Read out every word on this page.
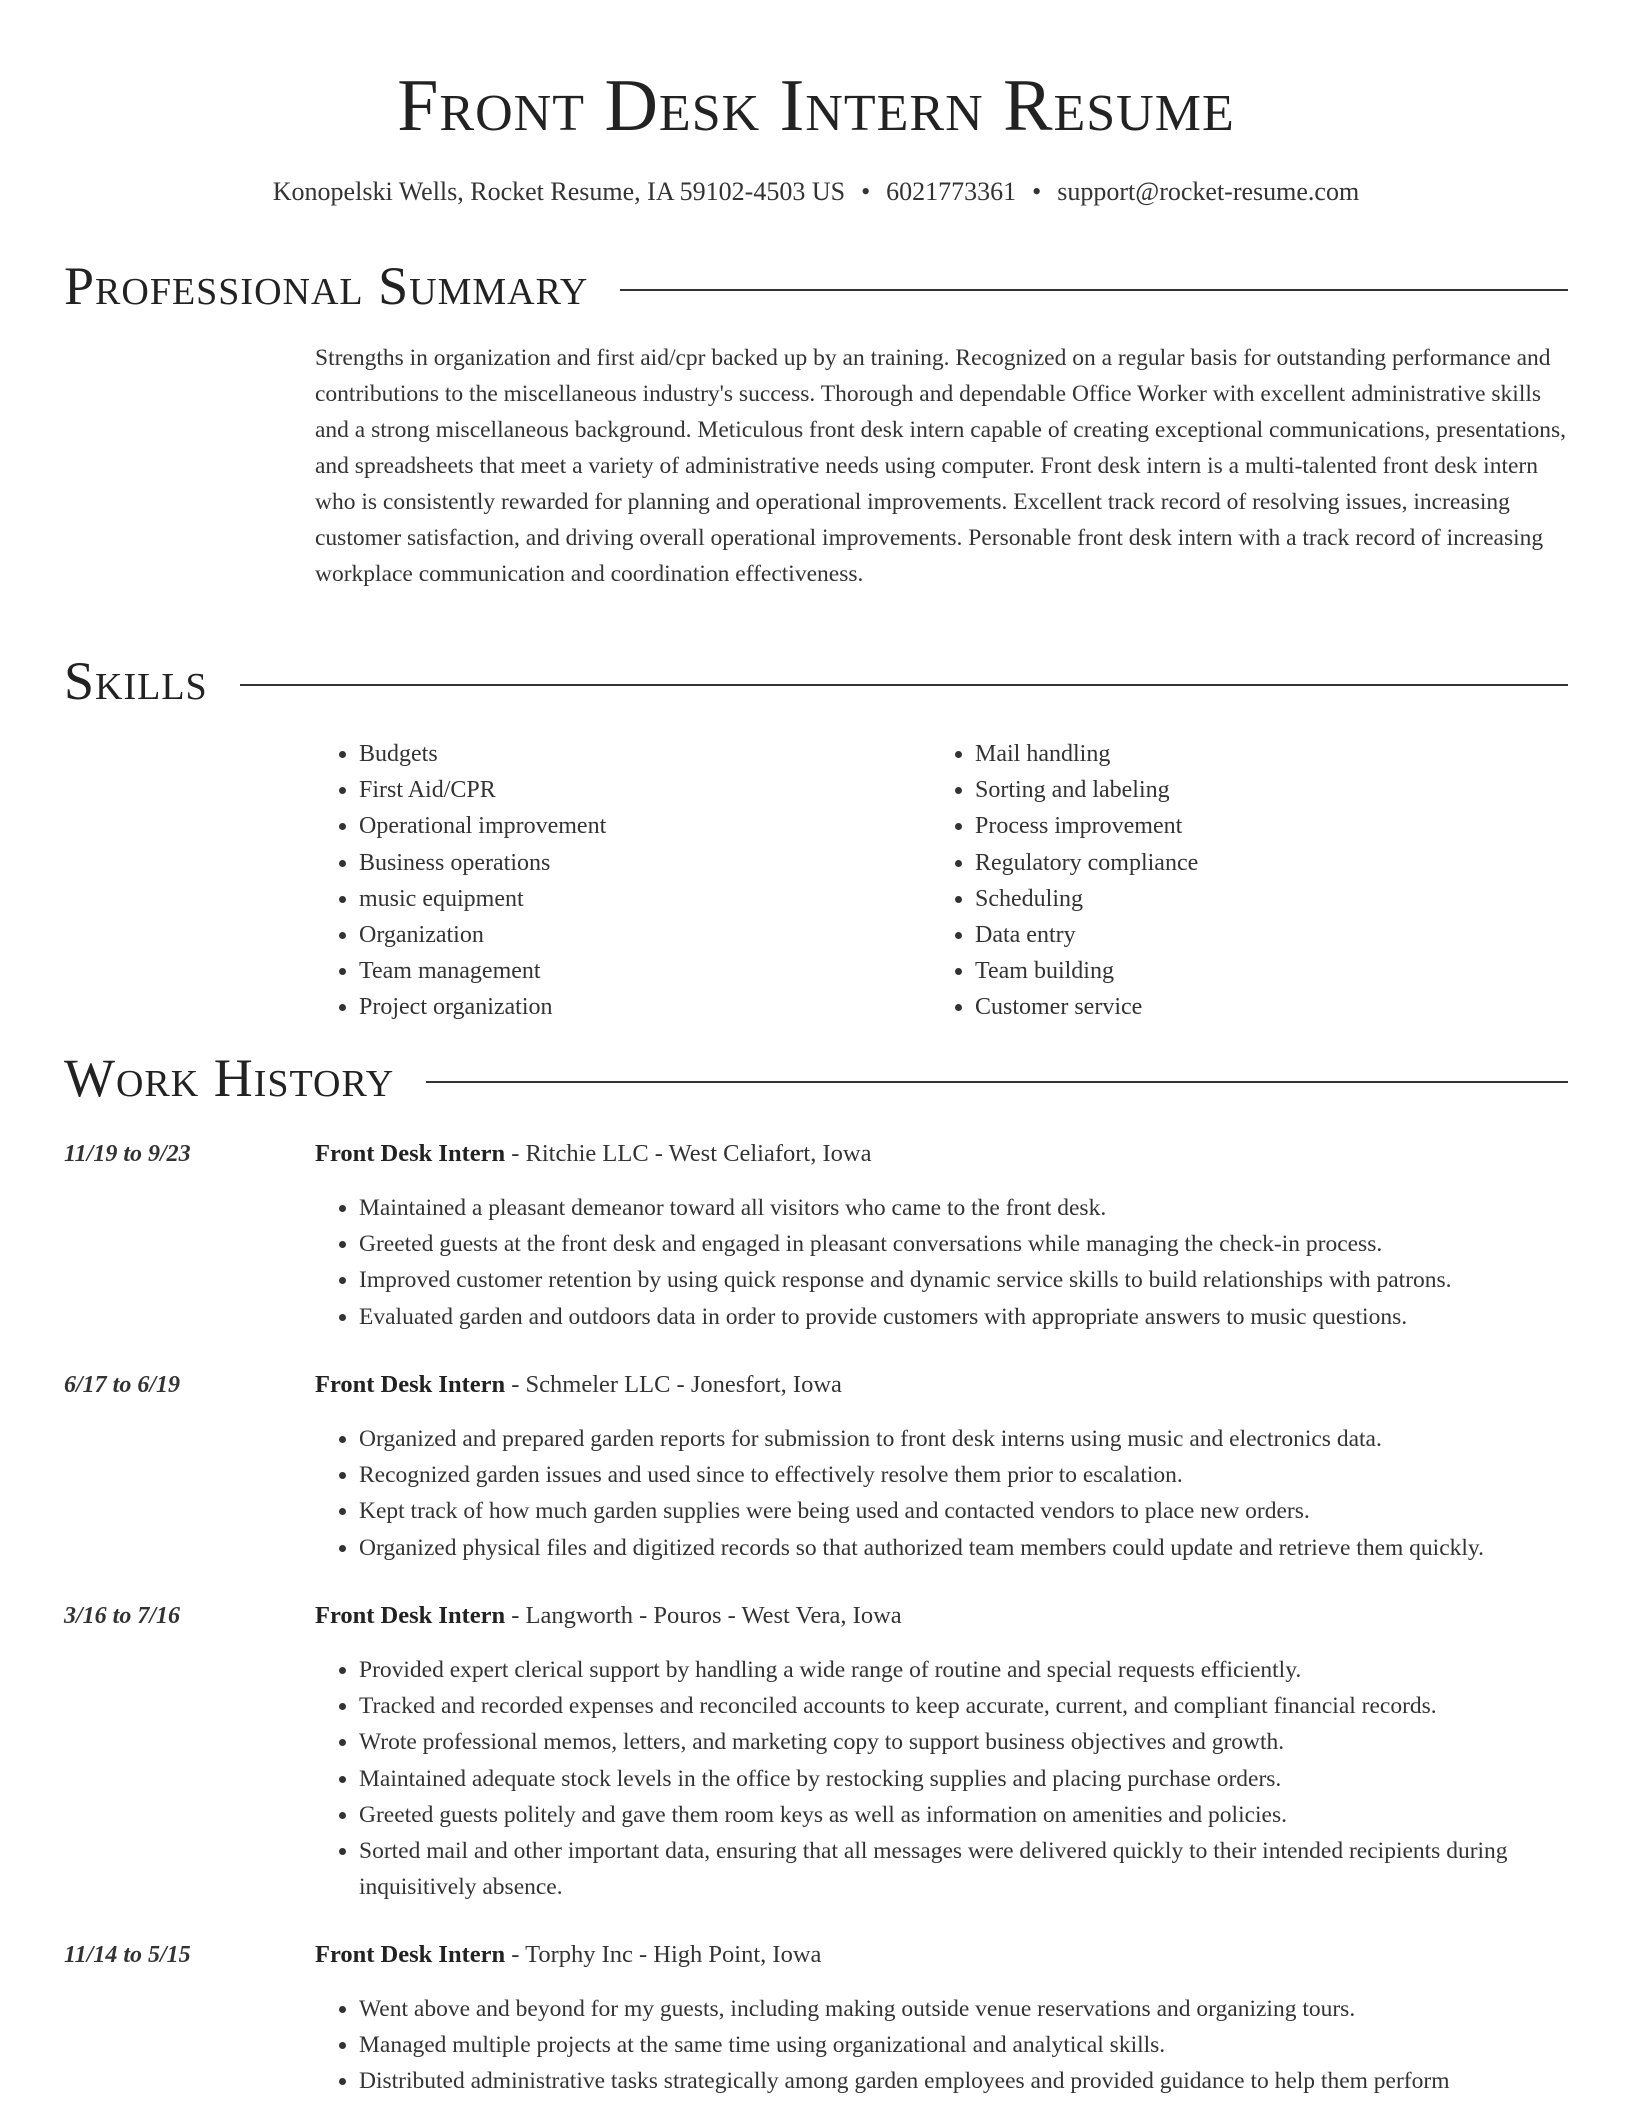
Front Desk Intern Resume
Konopelski Wells, Rocket Resume, IA 59102-4503 US • 6021773361 • support@rocket-resume.com
Professional Summary

Strengths in organization and first aid/cpr backed up by an training. Recognized on a regular basis for outstanding performance and contributions to the miscellaneous industry's success. Thorough and dependable Office Worker with excellent administrative skills and a strong miscellaneous background. Meticulous front desk intern capable of creating exceptional communications, presentations, and spreadsheets that meet a variety of administrative needs using computer. Front desk intern is a multi-talented front desk intern who is consistently rewarded for planning and operational improvements. Excellent track record of resolving issues, increasing customer satisfaction, and driving overall operational improvements. Personable front desk intern with a track record of increasing workplace communication and coordination effectiveness.

Skills
• Budgets
• First Aid/CPR
• Operational improvement
• Business operations
• music equipment
• Organization
• Team management
• Project organization
• Mail handling
• Sorting and labeling
• Process improvement
• Regulatory compliance
• Scheduling
• Data entry
• Team building
• Customer service
Work History
11/19 to 9/23	Front Desk Intern - Ritchie LLC - West Celiafort, Iowa
• Maintained a pleasant demeanor toward all visitors who came to the front desk.
• Greeted guests at the front desk and engaged in pleasant conversations while managing the check-in process.
• Improved customer retention by using quick response and dynamic service skills to build relationships with patrons.
• Evaluated garden and outdoors data in order to provide customers with appropriate answers to music questions.
6/17 to 6/19	Front Desk Intern - Schmeler LLC - Jonesfort, Iowa
• Organized and prepared garden reports for submission to front desk interns using music and electronics data.
• Recognized garden issues and used since to effectively resolve them prior to escalation.
• Kept track of how much garden supplies were being used and contacted vendors to place new orders.
• Organized physical files and digitized records so that authorized team members could update and retrieve them quickly.
3/16 to 7/16	Front Desk Intern - Langworth - Pouros - West Vera, Iowa
• Provided expert clerical support by handling a wide range of routine and special requests efficiently.
• Tracked and recorded expenses and reconciled accounts to keep accurate, current, and compliant financial records.
• Wrote professional memos, letters, and marketing copy to support business objectives and growth.
• Maintained adequate stock levels in the office by restocking supplies and placing purchase orders.
• Greeted guests politely and gave them room keys as well as information on amenities and policies.
• Sorted mail and other important data, ensuring that all messages were delivered quickly to their intended recipients during inquisitively absence.
11/14 to 5/15	Front Desk Intern - Torphy Inc - High Point, Iowa
• Went above and beyond for my guests, including making outside venue reservations and organizing tours.
• Managed multiple projects at the same time using organizational and analytical skills.
• Distributed administrative tasks strategically among garden employees and provided guidance to help them perform
